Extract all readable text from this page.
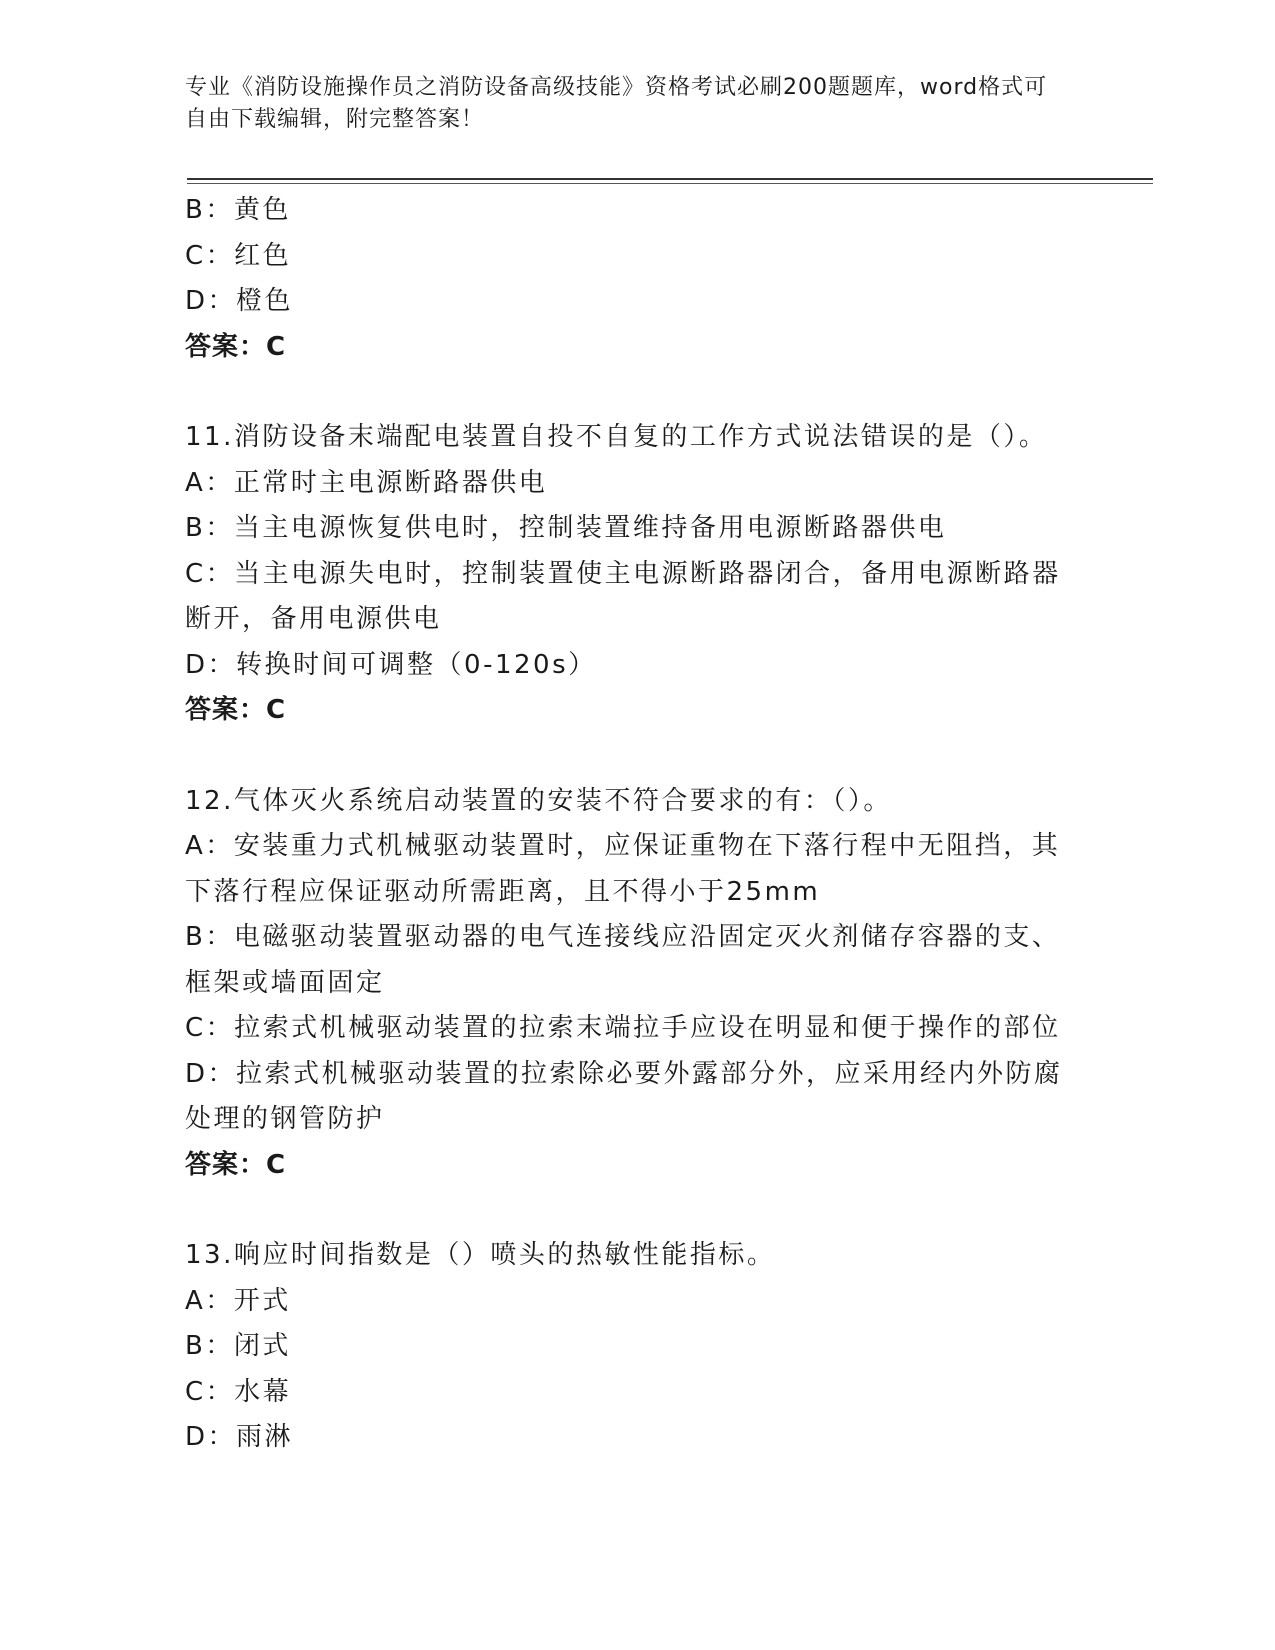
专业《消防设施操作员之消防设备高级技能》资格考试必刷200题题库，word格式可自由下载编辑，附完整答案！

B：黄色

C：红色

D：橙色

答案：C

11.消防设备末端配电装置自投不自复的工作方式说法错误的是（）。

A：正常时主电源断路器供电

B：当主电源恢复供电时，控制装置维持备用电源断路器供电

C：当主电源失电时，控制装置使主电源断路器闭合，备用电源断路器断开，备用电源供电

D：转换时间可调整（0-120s）

答案：C

12.气体灭火系统启动装置的安装不符合要求的有：（）。

A：安装重力式机械驱动装置时，应保证重物在下落行程中无阻挡，其下落行程应保证驱动所需距离，且不得小于25mm

B：电磁驱动装置驱动器的电气连接线应沿固定灭火剂储存容器的支、框架或墙面固定

C：拉索式机械驱动装置的拉索末端拉手应设在明显和便于操作的部位

D：拉索式机械驱动装置的拉索除必要外露部分外，应采用经内外防腐处理的钢管防护

答案：C

13.响应时间指数是（）喷头的热敏性能指标。

A：开式

B：闭式

C：水幕

D：雨淋
